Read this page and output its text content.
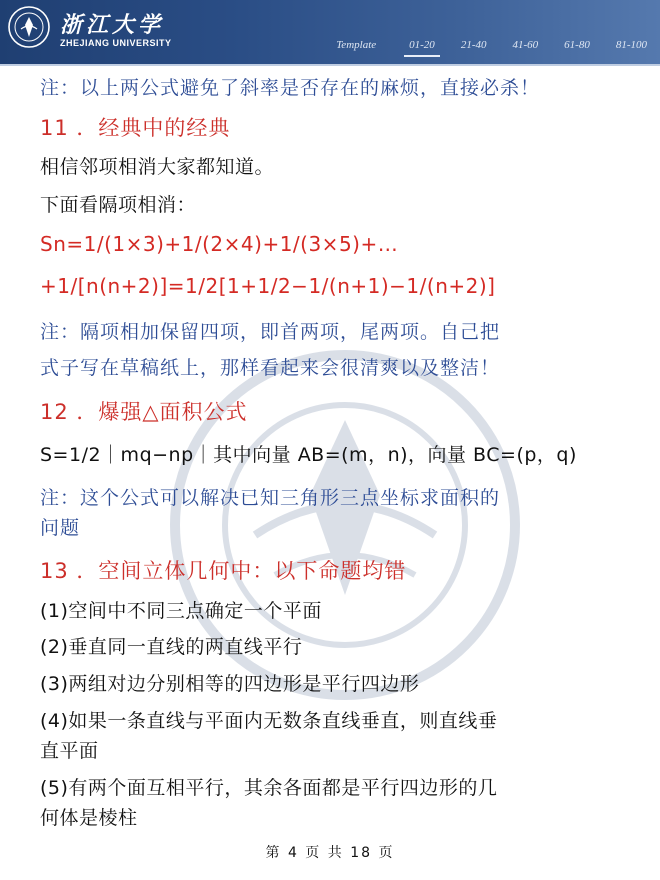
浙江大学
ZHEJIANG UNIVERSITY	Template	01-20	21-40	41-60	61-80	81-100
注：以上两公式避免了斜率是否存在的麻烦，直接必杀！
11 ．经典中的经典
相信邻项相消大家都知道。
下面看隔项相消：
Sn=1/(1×3)+1/(2×4)+1/(3×5)+…
+1/[n(n+2)]=1/2[1+1/2−1/(n+1)−1/(n+2)]
注：隔项相加保留四项，即首两项，尾两项。自己把
式子写在草稿纸上，那样看起来会很清爽以及整洁！
12 ．爆强△面积公式
S=1/2｜mq−np｜其中向量 AB=(m，n)，向量 BC=(p，q)
注：这个公式可以解决已知三角形三点坐标求面积的
问题
13 ．空间立体几何中：以下命题均错
(1)空间中不同三点确定一个平面
(2)垂直同一直线的两直线平行
(3)两组对边分别相等的四边形是平行四边形
(4)如果一条直线与平面内无数条直线垂直，则直线垂
直平面
(5)有两个面互相平行，其余各面都是平行四边形的几
何体是棱柱
第 4 页 共 18 页
